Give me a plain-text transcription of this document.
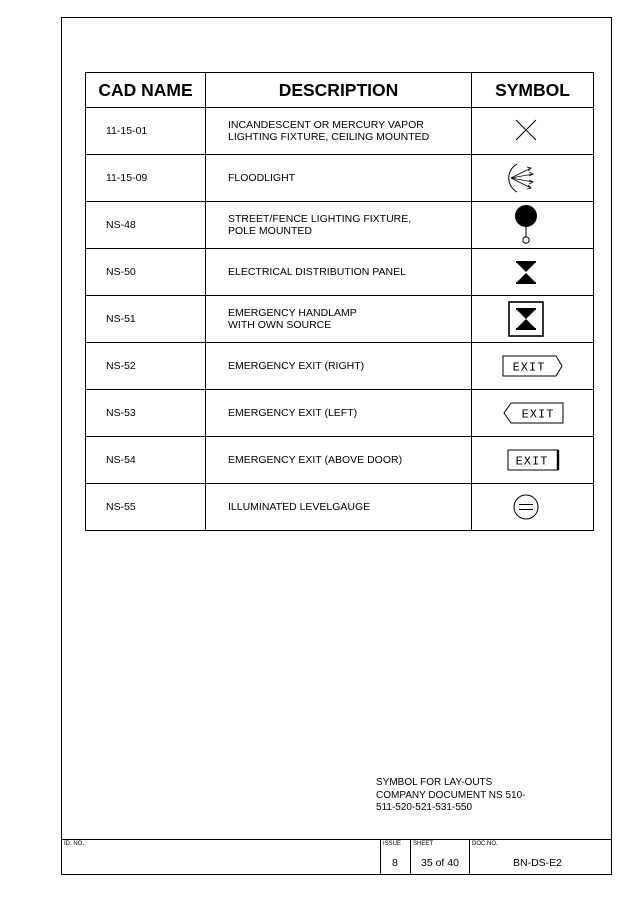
CAD NAME	DESCRIPTION	SYMBOL
11-15-01	INCANDESCENT OR MERCURY VAPOR
LIGHTING FIXTURE, CEILING MOUNTED

11-15-09	FLOODLIGHT

NS-48	STREET/FENCE LIGHTING FIXTURE,
POLE MOUNTED

NS-50	ELECTRICAL DISTRIBUTION PANEL

NS-51	EMERGENCY HANDLAMP
WITH OWN SOURCE

NS-52	EMERGENCY EXIT (RIGHT)	EXIT

NS-53	EMERGENCY EXIT (LEFT)	EXIT

NS-54	EMERGENCY EXIT (ABOVE DOOR)	EXIT

NS-55	ILLUMINATED LEVELGAUGE

SYMBOL FOR LAY-OUTS
COMPANY DOCUMENT NS 510-
511-520-521-531-550
ID. NO.	ISSUE SHEET	DOC.NO.
8 35 of 40	BN-DS-E2
